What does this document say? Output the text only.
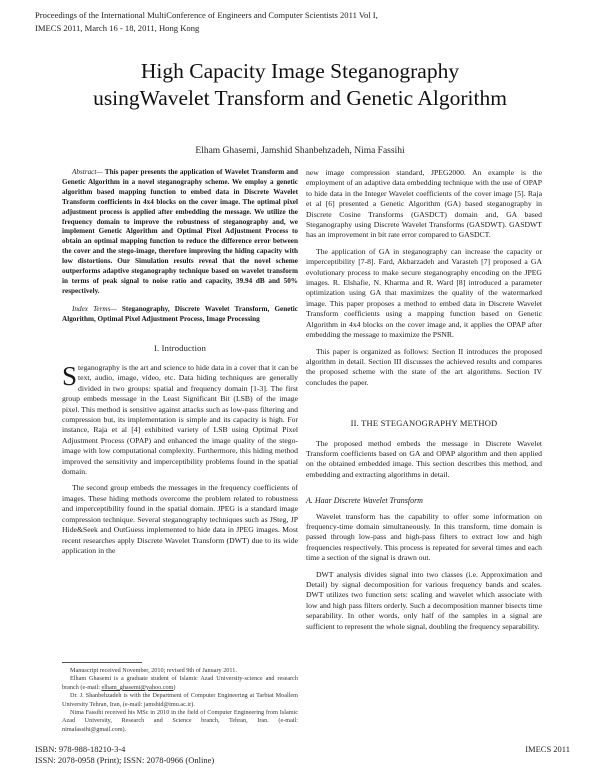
Proceedings of the International MultiConference of Engineers and Computer Scientists 2011 Vol I,
IMECS 2011, March 16 - 18, 2011, Hong Kong
High Capacity Image Steganography
usingWavelet Transform and Genetic Algorithm
Elham Ghasemi, Jamshid Shanbehzadeh, Nima Fassihi

Abstract— This paper presents the application of Wavelet Transform and Genetic Algorithm in a novel steganography scheme. We employ a genetic algorithm based mapping function to embed data in Discrete Wavelet Transform coefficients in 4x4 blocks on the cover image. The optimal pixel adjustment process is applied after embedding the message. We utilize the frequency domain to improve the robustness of steganography and, we implement Genetic Algorithm and Optimal Pixel Adjustment Process to obtain an optimal mapping function to reduce the difference error between the cover and the stego-image, therefore improving the hiding capacity with low distortions. Our Simulation results reveal that the novel scheme outperforms adaptive steganography technique based on wavelet transform in terms of peak signal to noise ratio and capacity, 39.94 dB and 50% respectively.

Index Terms— Steganography, Discrete Wavelet Transform, Genetic Algorithm, Optimal Pixel Adjustment Process, Image Processing

I. Introduction

Steganography is the art and science to hide data in a cover that it can be text, audio, image, video, etc. Data hiding techniques are generally divided in two groups: spatial and frequency domain [1-3]. The first group embeds message in the Least Significant Bit (LSB) of the image pixel. This method is sensitive against attacks such as low-pass filtering and compression but, its implementation is simple and its capacity is high. For instance, Raja et al [4] exhibited variety of LSB using Optimal Pixel Adjustment Process (OPAP) and enhanced the image quality of the stego-image with low computational complexity. Furthermore, this hiding method improved the sensitivity and imperceptibility problems found in the spatial domain.

The second group embeds the messages in the frequency coefficients of images. These hiding methods overcome the problem related to robustness and imperceptibility found in the spatial domain. JPEG is a standard image compression technique. Several steganography techniques such as JSteg, JP Hide&Seek and OutGuess implemented to hide data in JPEG images. Most recent researches apply Discrete Wavelet Transform (DWT) due to its wide application in the

Manuscript received November, 2010; revised 9th of January 2011.
Elham Ghasemi is a graduate student of Islamic Azad University-science and research branch (e-mail: elham_ghasemi@yahoo.com)
Dr. J. Shanbehzadeh is with the Department of Computer Engineering at Tarbiat Moallem University Tehran, Iran, (e-mail: jamshid@tmu.ac.ir).
Nima Fassihi received his MSc in 2010 in the field of Computer Engineering from Islamic Azad University, Research and Science branch, Tehran, Iran. (e-mail: nimafassihi@gmail.com).

new image compression standard, JPEG2000. An example is the employment of an adaptive data embedding technique with the use of OPAP to hide data in the Integer Wavelet coefficients of the cover image [5]. Raja et al [6] presented a Genetic Algorithm (GA) based steganography in Discrete Cosine Transforms (GASDCT) domain and, GA based Steganography using Discrete Wavelet Transforms (GASDWT). GASDWT has an improvement in bit rate error compared to GASDCT.

The application of GA in steganography can increase the capacity or imperceptibility [7-8]. Fard, Akbarzadeh and Varasteh [7] proposed a GA evolutionary process to make secure steganography encoding on the JPEG images. R. Elshafie, N. Kharma and R. Ward [8] introduced a parameter optimization using GA that maximizes the quality of the watermarked image. This paper proposes a method to embed data in Discrete Wavelet Transform coefficients using a mapping function based on Genetic Algorithm in 4x4 blocks on the cover image and, it applies the OPAP after embedding the message to maximize the PSNR.

This paper is organized as follows: Section II introduces the proposed algorithm in detail. Section III discusses the achieved results and compares the proposed scheme with the state of the art algorithms. Section IV concludes the paper.

II. THE STEGANOGRAPHY METHOD

The proposed method embeds the message in Discrete Wavelet Transform coefficients based on GA and OPAP algorithm and then applied on the obtained embedded image. This section describes this method, and embedding and extracting algorithms in detail.

A. Haar Discrete Wavelet Transform

Wavelet transform has the capability to offer some information on frequency-time domain simultaneously. In this transform, time domain is passed through low-pass and high-pass filters to extract low and high frequencies respectively. This process is repeated for several times and each time a section of the signal is drawn out.

DWT analysis divides signal into two classes (i.e. Approximation and Detail) by signal decomposition for various frequency bands and scales. DWT utilizes two function sets: scaling and wavelet which associate with low and high pass filters orderly. Such a decomposition manner bisects time separability. In other words, only half of the samples in a signal are sufficient to represent the whole signal, doubling the frequency separability.

ISBN: 978-988-18210-3-4
ISSN: 2078-0958 (Print); ISSN: 2078-0966 (Online)
IMECS 2011
